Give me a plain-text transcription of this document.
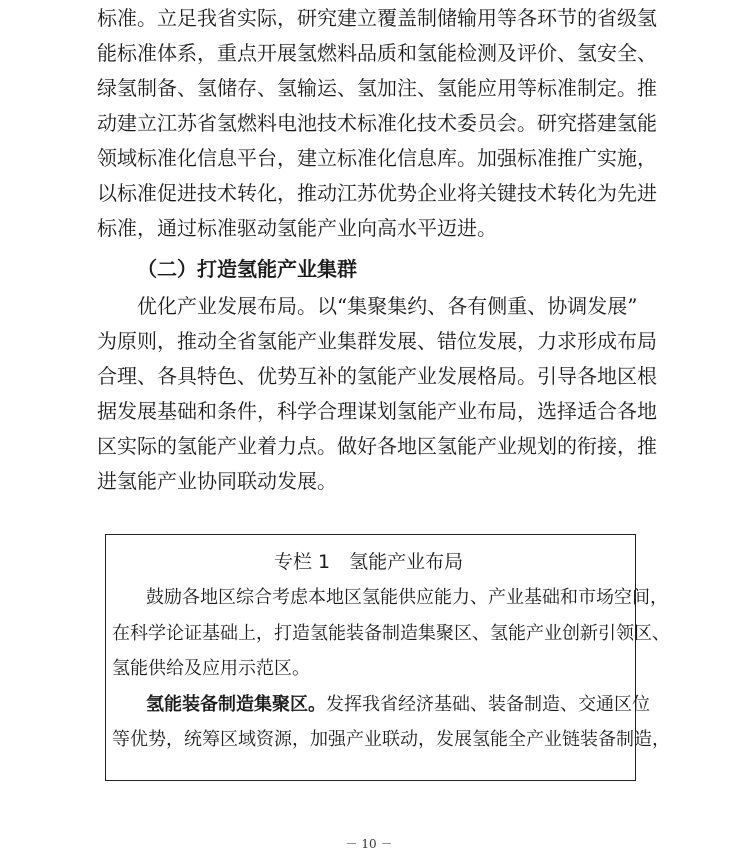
标准。立足我省实际，研究建立覆盖制储输用等各环节的省级氢
能标准体系，重点开展氢燃料品质和氢能检测及评价、氢安全、
绿氢制备、氢储存、氢输运、氢加注、氢能应用等标准制定。推
动建立江苏省氢燃料电池技术标准化技术委员会。研究搭建氢能
领域标准化信息平台，建立标准化信息库。加强标准推广实施，
以标准促进技术转化，推动江苏优势企业将关键技术转化为先进
标准，通过标准驱动氢能产业向高水平迈进。
（二）打造氢能产业集群
优化产业发展布局。以“集聚集约、各有侧重、协调发展”
为原则，推动全省氢能产业集群发展、错位发展，力求形成布局
合理、各具特色、优势互补的氢能产业发展格局。引导各地区根
据发展基础和条件，科学合理谋划氢能产业布局，选择适合各地
区实际的氢能产业着力点。做好各地区氢能产业规划的衔接，推
进氢能产业协同联动发展。
专栏 1　氢能产业布局
鼓励各地区综合考虑本地区氢能供应能力、产业基础和市场空间，
在科学论证基础上，打造氢能装备制造集聚区、氢能产业创新引领区、
氢能供给及应用示范区。
氢能装备制造集聚区。发挥我省经济基础、装备制造、交通区位
等优势，统筹区域资源，加强产业联动，发展氢能全产业链装备制造，
－ 10 －
